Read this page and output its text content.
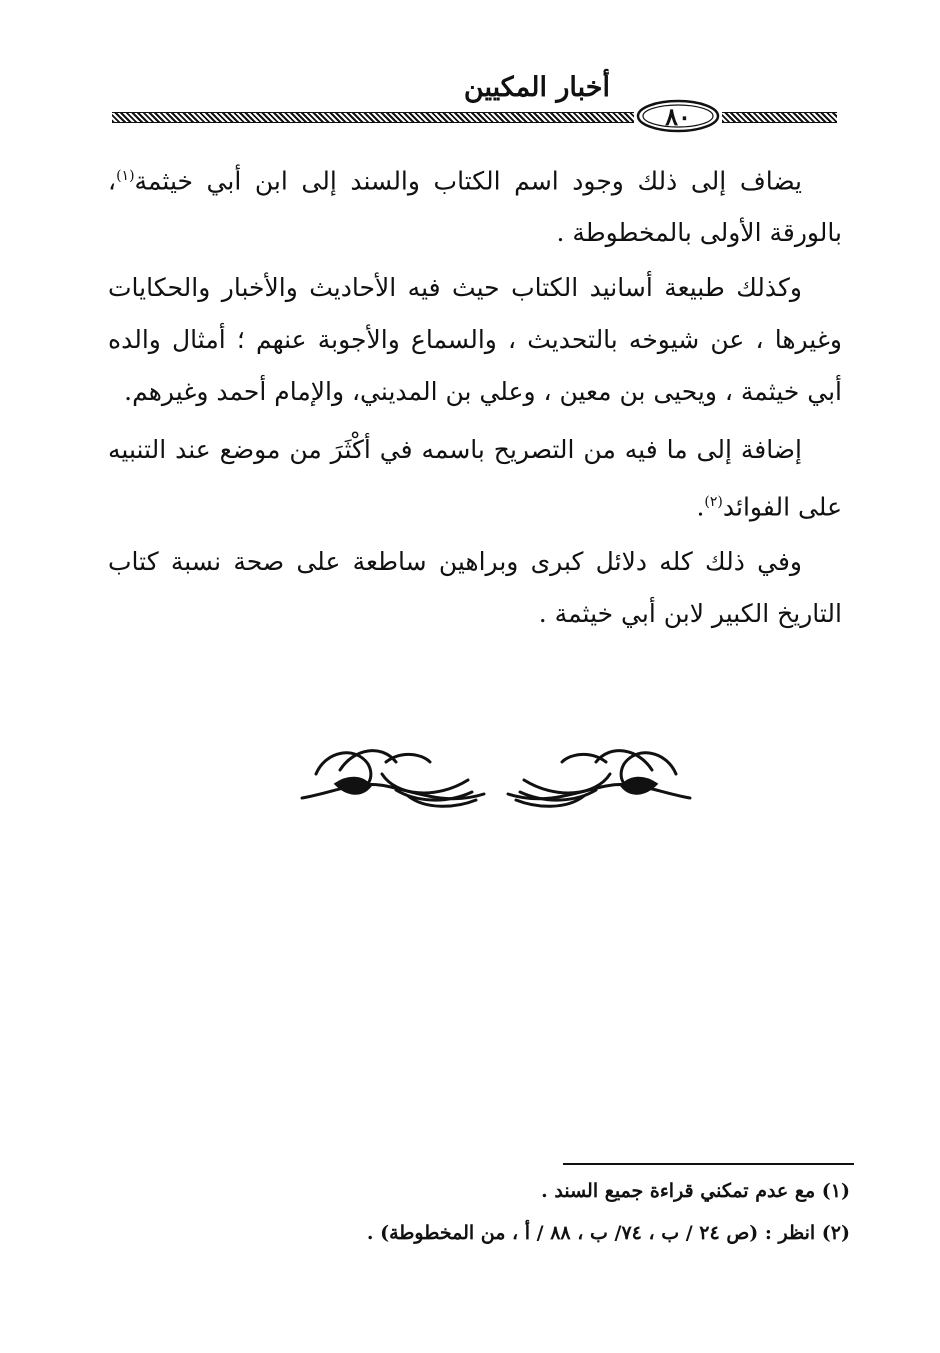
أخبار المكيين
٨٠
يضاف إلى ذلك وجود اسم الكتاب والسند إلى ابن أبي خيثمة$^{(١)}$، بالورقة الأولى بالمخطوطة .
وكذلك طبيعة أسانيد الكتاب حيث فيه الأحاديث والأخبار والحكايات وغيرها ، عن شيوخه بالتحديث ، والسماع والأجوبة عنهم ؛ أمثال والده أبي خيثمة ، ويحيى بن معين ، وعلي بن المديني، والإمام أحمد وغيرهم.
إضافة إلى ما فيه من التصريح باسمه في أكْثَرَ من موضع عند التنبيه على الفوائد$^{(٢)}$.
وفي ذلك كله دلائل كبرى وبراهين ساطعة على صحة نسبة كتاب التاريخ الكبير لابن أبي خيثمة .
(١) مع عدم تمكني قراءة جميع السند .
(٢) انظر : (ص ٢٤ / ب ، ٧٤/ ب ، ٨٨ / أ ، من المخطوطة) .
